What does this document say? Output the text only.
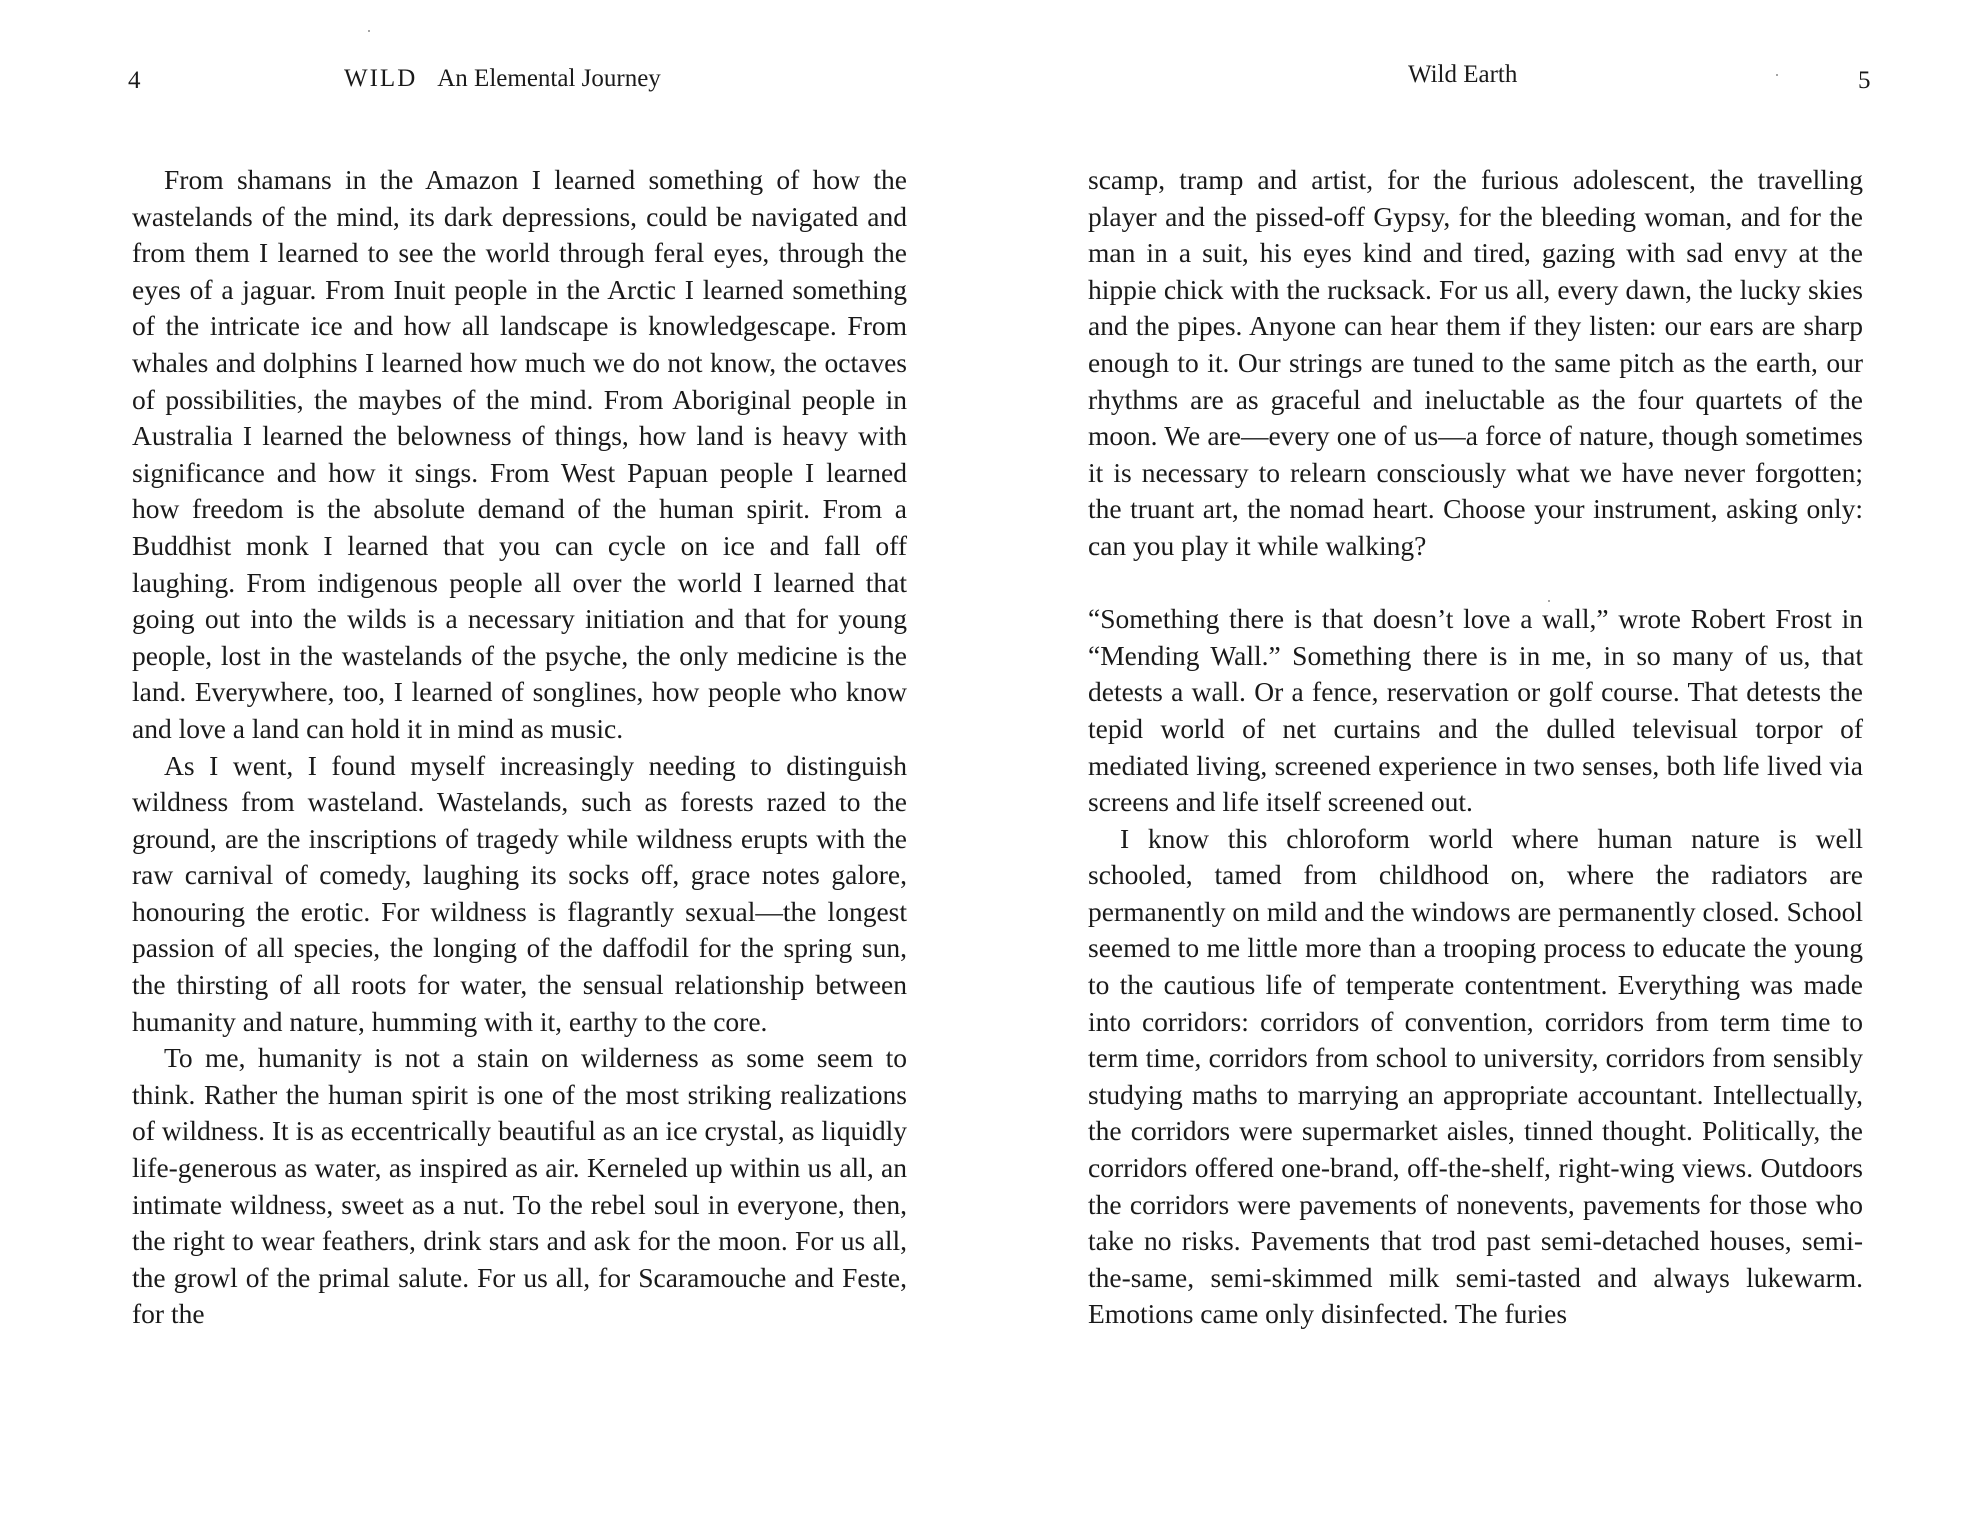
4	WILD An Elemental Journey

From shamans in the Amazon I learned something of how the wastelands of the mind, its dark depressions, could be navigated and from them I learned to see the world through feral eyes, through the eyes of a jaguar. From Inuit people in the Arctic I learned something of the intricate ice and how all landscape is knowledgescape. From whales and dolphins I learned how much we do not know, the octaves of possibilities, the maybes of the mind. From Aboriginal people in Australia I learned the belowness of things, how land is heavy with significance and how it sings. From West Papuan people I learned how freedom is the absolute demand of the human spirit. From a Buddhist monk I learned that you can cycle on ice and fall off laughing. From indigenous people all over the world I learned that going out into the wilds is a necessary initiation and that for young people, lost in the wastelands of the psyche, the only medicine is the land. Everywhere, too, I learned of songlines, how people who know and love a land can hold it in mind as music.

As I went, I found myself increasingly needing to distinguish wildness from wasteland. Wastelands, such as forests razed to the ground, are the inscriptions of tragedy while wildness erupts with the raw carnival of comedy, laughing its socks off, grace notes galore, honouring the erotic. For wildness is flagrantly sexual—the longest passion of all species, the longing of the daffodil for the spring sun, the thirsting of all roots for water, the sensual relationship between humanity and nature, humming with it, earthy to the core.

To me, humanity is not a stain on wilderness as some seem to think. Rather the human spirit is one of the most striking realizations of wildness. It is as eccentrically beautiful as an ice crystal, as liquidly life-generous as water, as inspired as air. Kerneled up within us all, an intimate wildness, sweet as a nut. To the rebel soul in everyone, then, the right to wear feathers, drink stars and ask for the moon. For us all, the growl of the primal salute. For us all, for Scaramouche and Feste, for the

Wild Earth	5

scamp, tramp and artist, for the furious adolescent, the travelling player and the pissed-off Gypsy, for the bleeding woman, and for the man in a suit, his eyes kind and tired, gazing with sad envy at the hippie chick with the rucksack. For us all, every dawn, the lucky skies and the pipes. Anyone can hear them if they listen: our ears are sharp enough to it. Our strings are tuned to the same pitch as the earth, our rhythms are as graceful and ineluctable as the four quartets of the moon. We are—every one of us—a force of nature, though sometimes it is necessary to relearn consciously what we have never forgotten; the truant art, the nomad heart. Choose your instrument, asking only: can you play it while walking?

“Something there is that doesn’t love a wall,” wrote Robert Frost in “Mending Wall.” Something there is in me, in so many of us, that detests a wall. Or a fence, reservation or golf course. That detests the tepid world of net curtains and the dulled televisual torpor of mediated living, screened experience in two senses, both life lived via screens and life itself screened out.

I know this chloroform world where human nature is well schooled, tamed from childhood on, where the radiators are permanently on mild and the windows are permanently closed. School seemed to me little more than a trooping process to educate the young to the cautious life of temperate contentment. Everything was made into corridors: corridors of convention, corridors from term time to term time, corridors from school to university, corridors from sensibly studying maths to marrying an appropriate accountant. Intellectually, the corridors were supermarket aisles, tinned thought. Politically, the corridors offered one-brand, off-the-shelf, right-wing views. Outdoors the corridors were pavements of nonevents, pavements for those who take no risks. Pavements that trod past semi-detached houses, semi-the-same, semi-skimmed milk semi-tasted and always lukewarm. Emotions came only disinfected. The furies
